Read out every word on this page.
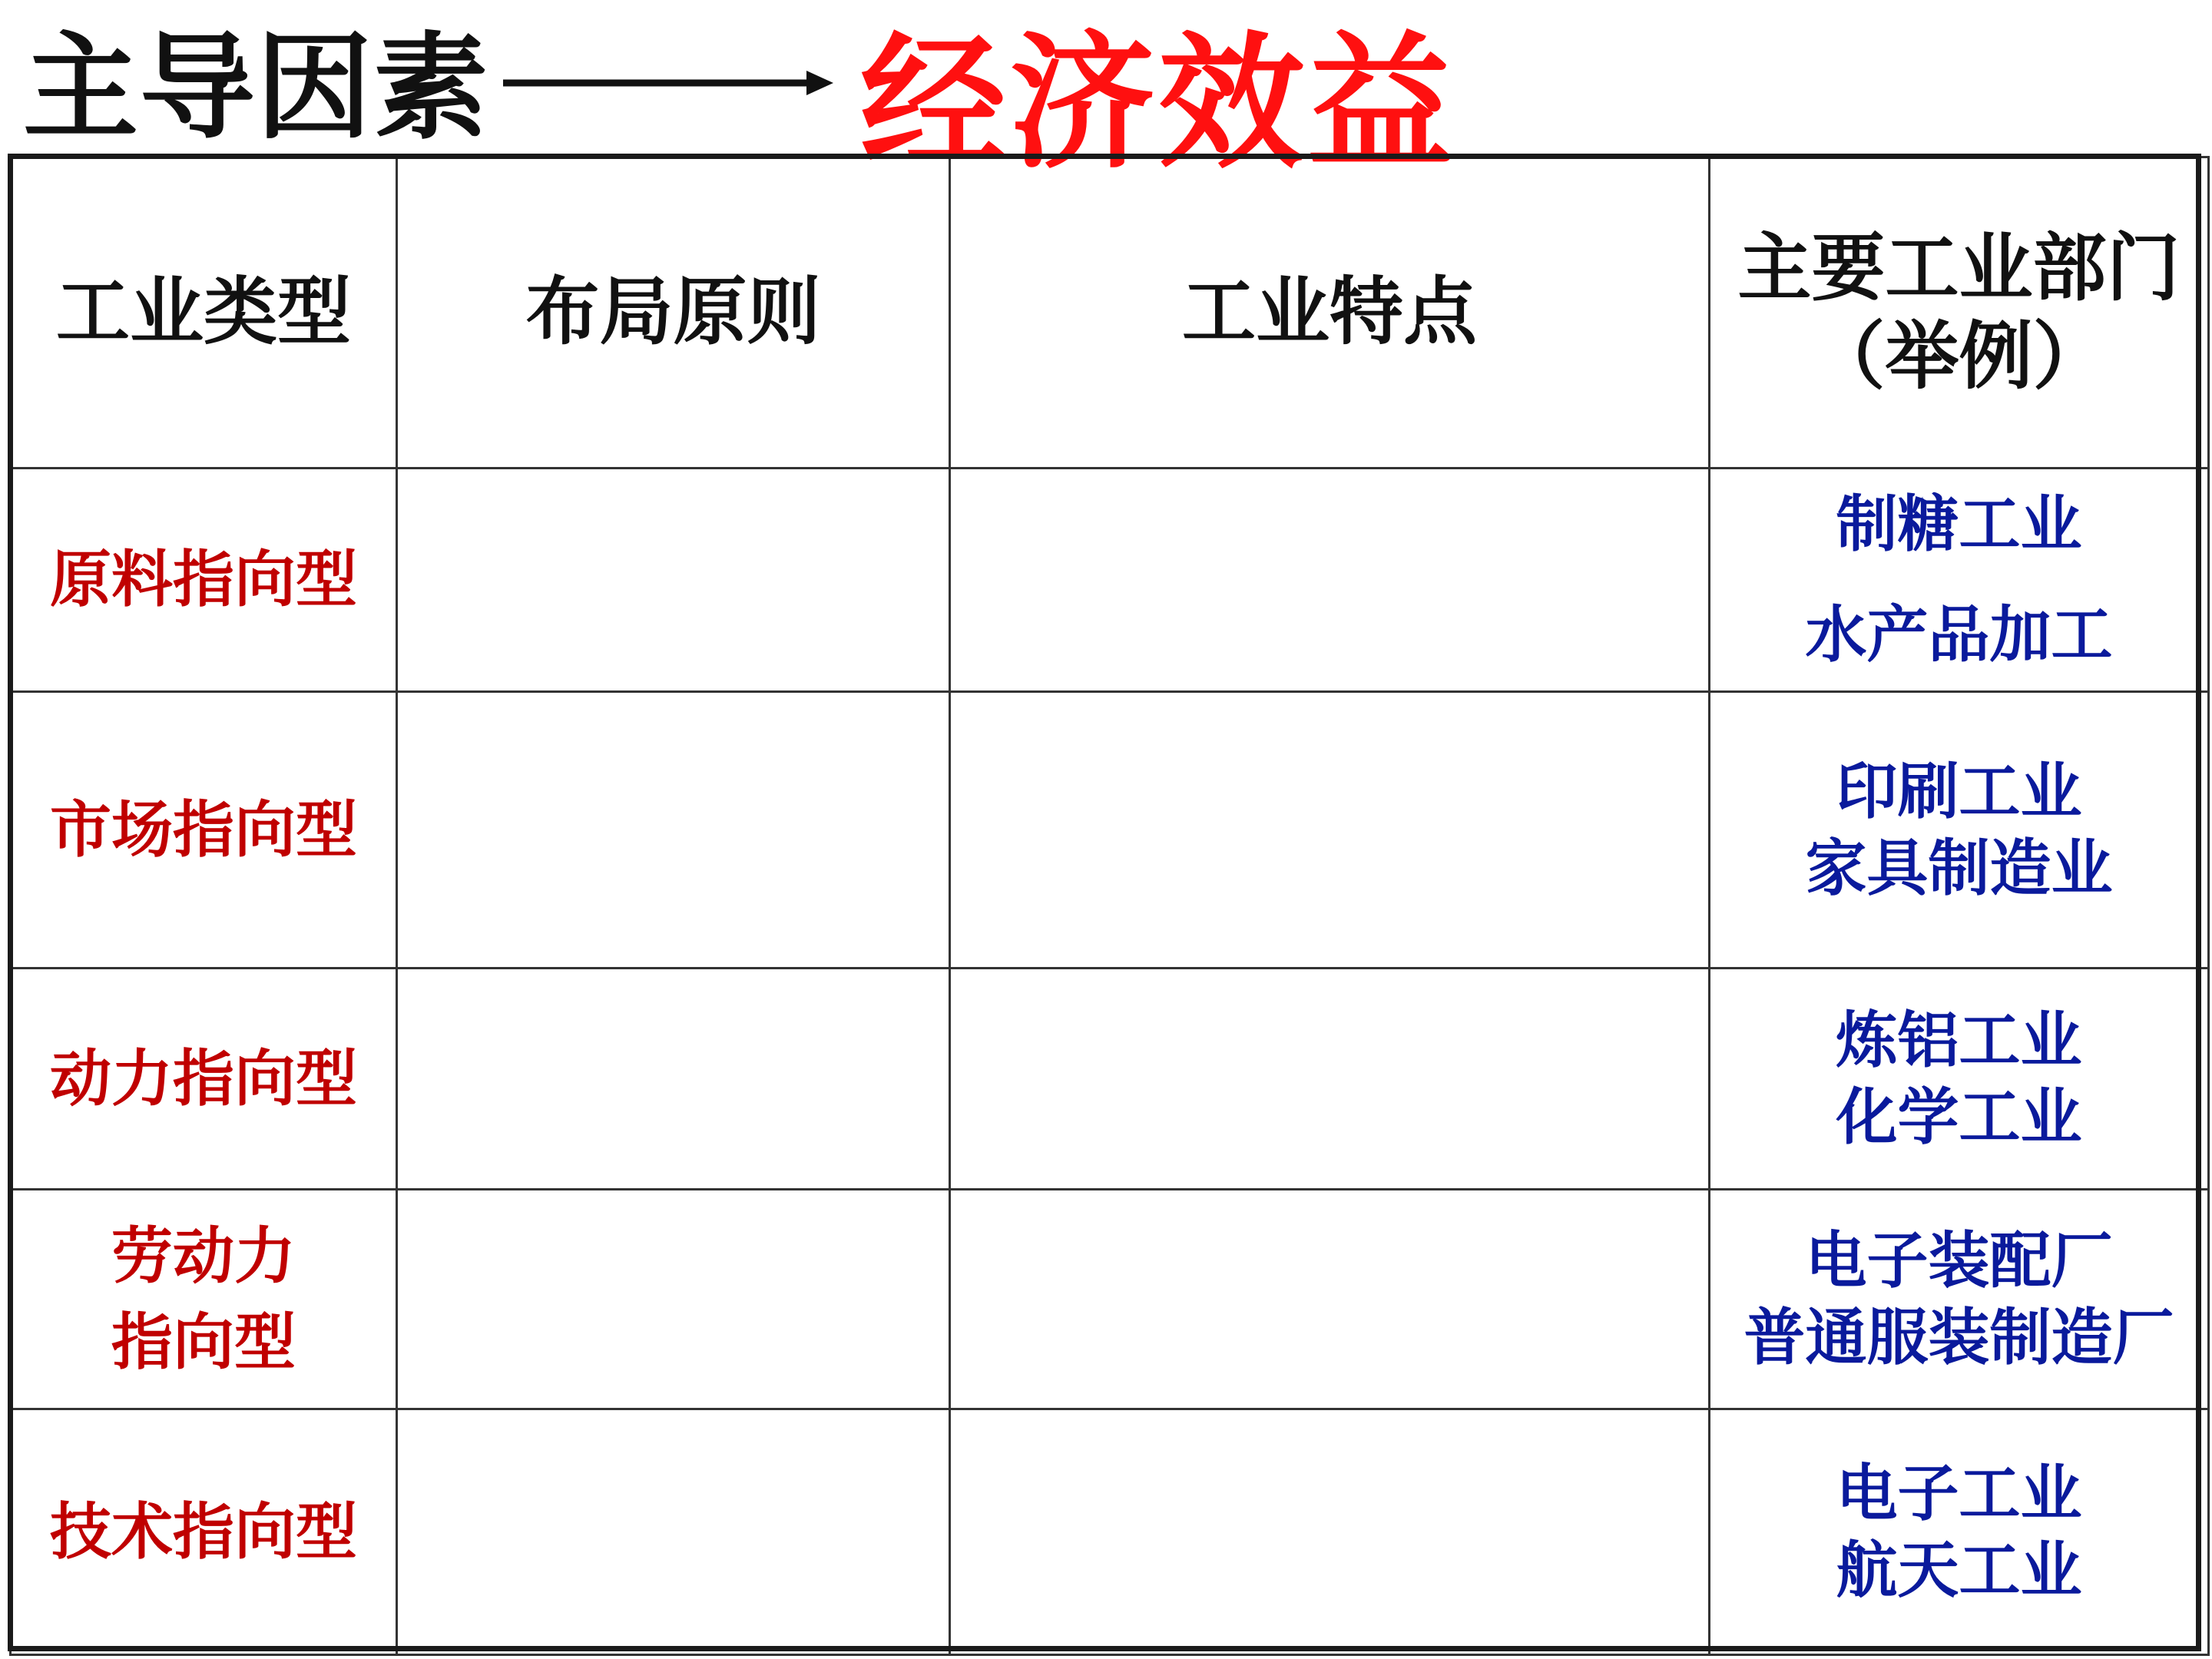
主导因素	经济效益
工业类型	布局原则	工业特点	主要工业部门
（举例）

原料指向型			制糖工业
水产品加工

市场指向型			印刷工业
家具制造业

动力指向型			炼铝工业
化学工业

劳动力
指向型			电子装配厂
普通服装制造厂

技术指向型			电子工业
航天工业
